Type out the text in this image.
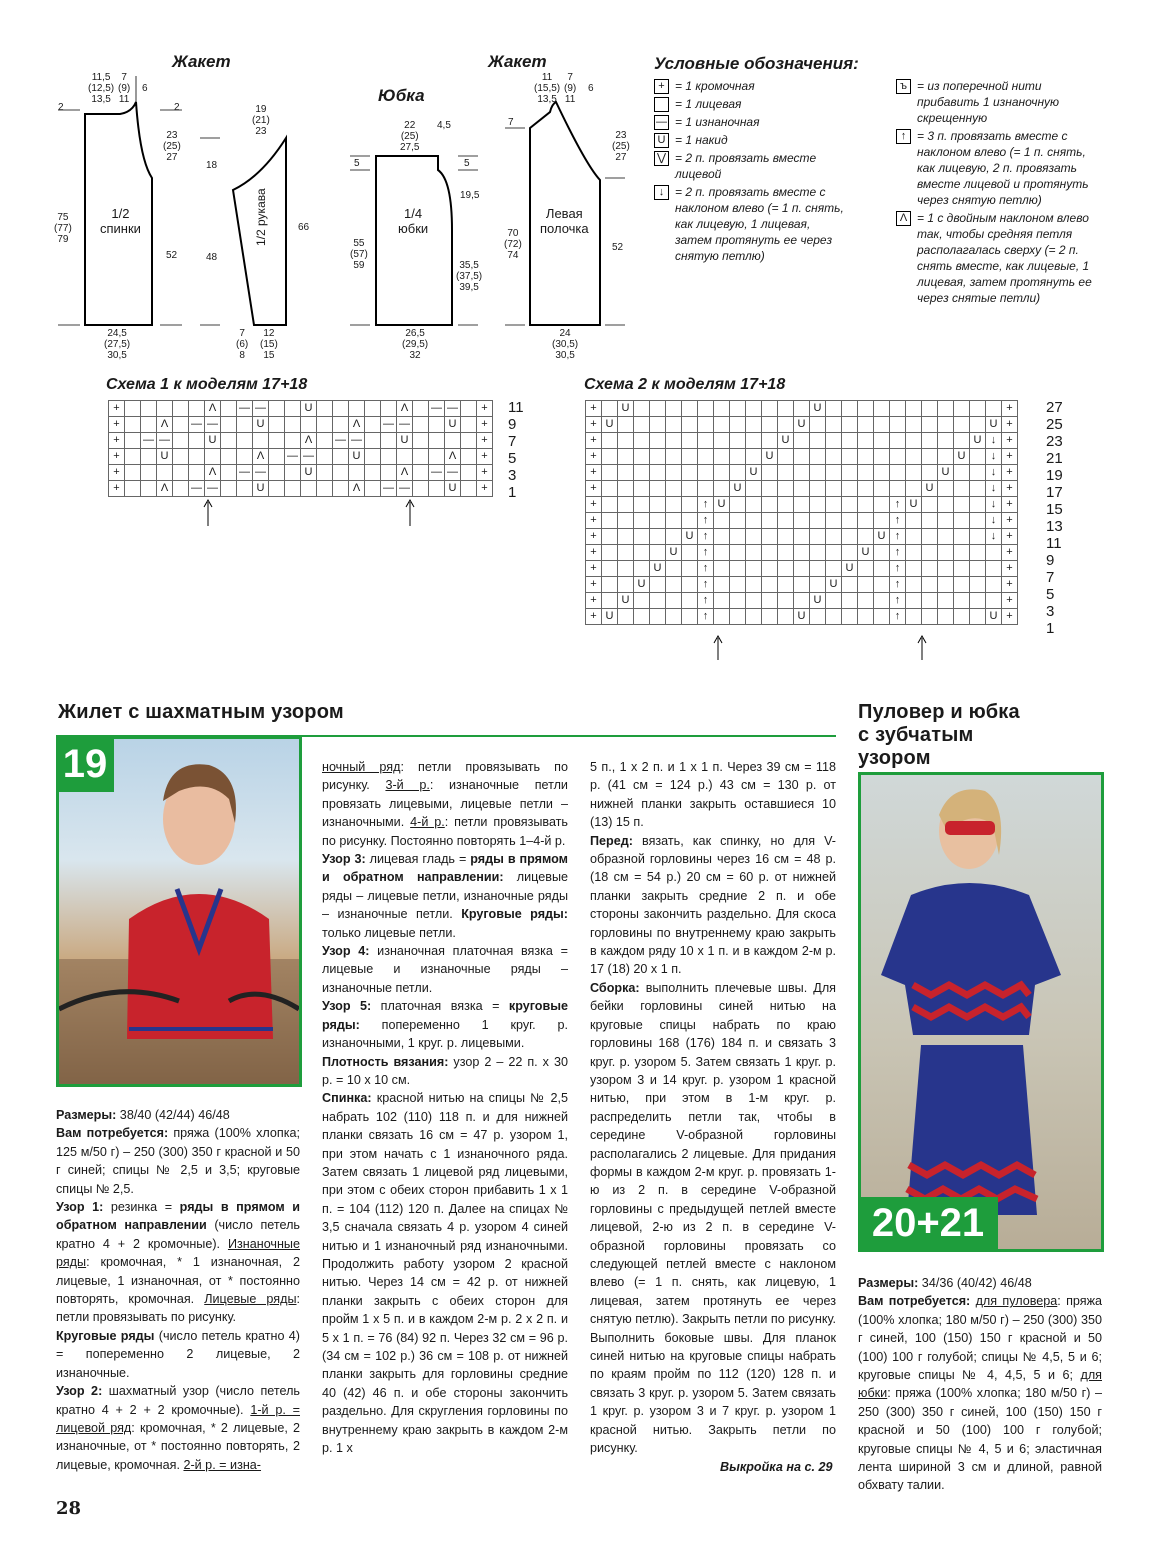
Жакет
Юбка
Жакет
11,5
(12,5)
13,5
7
(9)
11
6
2	2
23
(25)
27
75
(77)
79
52
1/2
спинки
24,5
(27,5)
30,5
19
(21)
23
18
48
66
1/2 рукава
7
(6)
8
12
(15)
15
22
(25)
27,5
4,5
5	5
19,5
55
(57)
59	35,5
(37,5)
39,5
1/4
юбки
26,5
(29,5)
32
11
(15,5)
13,5
7
(9)
11
6
7
23
(25)
27
70
(72)
74
52
Левая
полочка
24
(30,5)
30,5
Условные обозначения:
+ = 1 кромочная
= 1 лицевая
— = 1 изнаночная
U = 1 накид
⋁ = 2 п. провязать вместе лицевой
↓ = 2 п. провязать вместе с наклоном влево (= 1 п. снять, как лицевую, 1 лицевая, затем протянуть ее через снятую петлю)
ъ = из поперечной нити прибавить 1 изнаночную скрещенную
↑ = 3 п. провязать вместе с наклоном влево (= 1 п. снять, как лицевую, 2 п. провязать вместе лицевой и протянуть через снятую петлю)
Λ = 1 с двойным наклоном влево так, чтобы средняя петля располагалась сверху (= 2 п. снять вместе, как лицевые, 1 лицевая, затем протянуть ее через снятые петли)
Схема 1 к моделям 17+18	Схема 2 к моделям 17+18
+						Λ		—	—			U						Λ		—	—		+
+			Λ		—	—			U						Λ		—	—			U		+
+		—	—			U						Λ		—	—			U					+
+			U						Λ		—	—			U						Λ		+
+						Λ		—	—			U						Λ		—	—		+
+			Λ		—	—			U						Λ		—	—			U		+
11
9
7
5
3
1
+		U												U												+
+	U												U												U	+
+												U												U	↓	+
+											U												U		↓	+
+										U												U			↓	+
+									U												U				↓	+
+							↑	U											↑	U					↓	+
+							↑												↑						↓	+
+						U	↑											U	↑						↓	+
+					U		↑										U		↑							+
+				U			↑									U			↑							+
+			U				↑								U				↑							+
+		U					↑							U					↑							+
+	U						↑						U						↑						U	+
27
25
23
21
19
17
15
13
11
9
7
5
3
1
Жилет с шахматным узором
19

Размеры: 38/40 (42/44) 46/48

Вам потребуется: пряжа (100% хлопка; 125 м/50 г) – 250 (300) 350 г красной и 50 г синей; спицы № 2,5 и 3,5; круговые спицы № 2,5.

Узор 1: резинка = ряды в прямом и обратном направлении (число петель кратно 4 + 2 кромочные). Изнаночные ряды: кромочная, * 1 изнаночная, 2 лицевые, 1 изнаночная, от * постоянно повторять, кромочная. Лицевые ряды: петли провязывать по рисунку.

Круговые ряды (число петель кратно 4) = попеременно 2 лицевые, 2 изнаночные.

Узор 2: шахматный узор (число петель кратно 4 + 2 + 2 кромочные). 1-й р. = лицевой ряд: кромочная, * 2 лицевые, 2 изнаночные, от * постоянно повторять, 2 лицевые, кромочная. 2-й р. = изна-

ночный ряд: петли провязывать по рисунку. 3-й р.: изнаночные петли провязать лицевыми, лицевые петли – изнаночными. 4-й р.: петли провязывать по рисунку. Постоянно повторять 1–4-й р.

Узор 3: лицевая гладь = ряды в прямом и обратном направлении: лицевые ряды – лицевые петли, изнаночные ряды – изнаночные петли. Круговые ряды: только лицевые петли.

Узор 4: изнаночная платочная вязка = лицевые и изнаночные ряды – изнаночные петли.

Узор 5: платочная вязка = круговые ряды: попеременно 1 круг. р. изнаночными, 1 круг. р. лицевыми.

Плотность вязания: узор 2 – 22 п. x 30 р. = 10 x 10 см.

Спинка: красной нитью на спицы № 2,5 набрать 102 (110) 118 п. и для нижней планки связать 16 см = 47 р. узором 1, при этом начать с 1 изнаночного ряда. Затем связать 1 лицевой ряд лицевыми, при этом с обеих сторон прибавить 1 x 1 п. = 104 (112) 120 п. Далее на спицах № 3,5 сначала связать 4 р. узором 4 синей нитью и 1 изнаночный ряд изнаночными. Продолжить работу узором 2 красной нитью. Через 14 см = 42 р. от нижней планки закрыть с обеих сторон для пройм 1 x 5 п. и в каждом 2-м р. 2 x 2 п. и 5 x 1 п. = 76 (84) 92 п. Через 32 см = 96 р. (34 см = 102 р.) 36 см = 108 р. от нижней планки закрыть для горловины средние 40 (42) 46 п. и обе стороны закончить раздельно. Для скругления горловины по внутреннему краю закрыть в каждом 2-м р. 1 x

5 п., 1 x 2 п. и 1 x 1 п. Через 39 см = 118 р. (41 см = 124 р.) 43 см = 130 р. от нижней планки закрыть оставшиеся 10 (13) 15 п.

Перед: вязать, как спинку, но для V-образной горловины через 16 см = 48 р. (18 см = 54 р.) 20 см = 60 р. от нижней планки закрыть средние 2 п. и обе стороны закончить раздельно. Для скоса горловины по внутреннему краю закрыть в каждом ряду 10 x 1 п. и в каждом 2-м р. 17 (18) 20 x 1 п.

Сборка: выполнить плечевые швы. Для бейки горловины синей нитью на круговые спицы набрать по краю горловины 168 (176) 184 п. и связать 3 круг. р. узором 5. Затем связать 1 круг. р. узором 3 и 14 круг. р. узором 1 красной нитью, при этом в 1-м круг. р. распределить петли так, чтобы в середине V-образной горловины располагались 2 лицевые. Для придания формы в каждом 2-м круг. р. провязать 1-ю из 2 п. в середине V-образной горловины с предыдущей петлей вместе лицевой, 2-ю из 2 п. в середине V-образной горловины провязать со следующей петлей вместе с наклоном влево (= 1 п. снять, как лицевую, 1 лицевая, затем протянуть ее через снятую петлю). Закрыть петли по рисунку. Выполнить боковые швы. Для планок синей нитью на круговые спицы набрать по краям пройм по 112 (120) 128 п. и связать 3 круг. р. узором 5. Затем связать 1 круг. р. узором 3 и 7 круг. р. узором 1 красной нитью. Закрыть петли по рисунку.

Выкройка на с. 29
Пуловер и юбка
с зубчатым
узором
20+21

Размеры: 34/36 (40/42) 46/48

Вам потребуется: для пуловера: пряжа (100% хлопка; 180 м/50 г) – 250 (300) 350 г синей, 100 (150) 150 г красной и 50 (100) 100 г голубой; спицы № 4,5, 5 и 6; круговые спицы № 4, 4,5, 5 и 6; для юбки: пряжа (100% хлопка; 180 м/50 г) – 250 (300) 350 г синей, 100 (150) 150 г красной и 50 (100) 100 г голубой; круговые спицы № 4, 5 и 6; эластичная лента шириной 3 см и длиной, равной обхвату талии.

28
